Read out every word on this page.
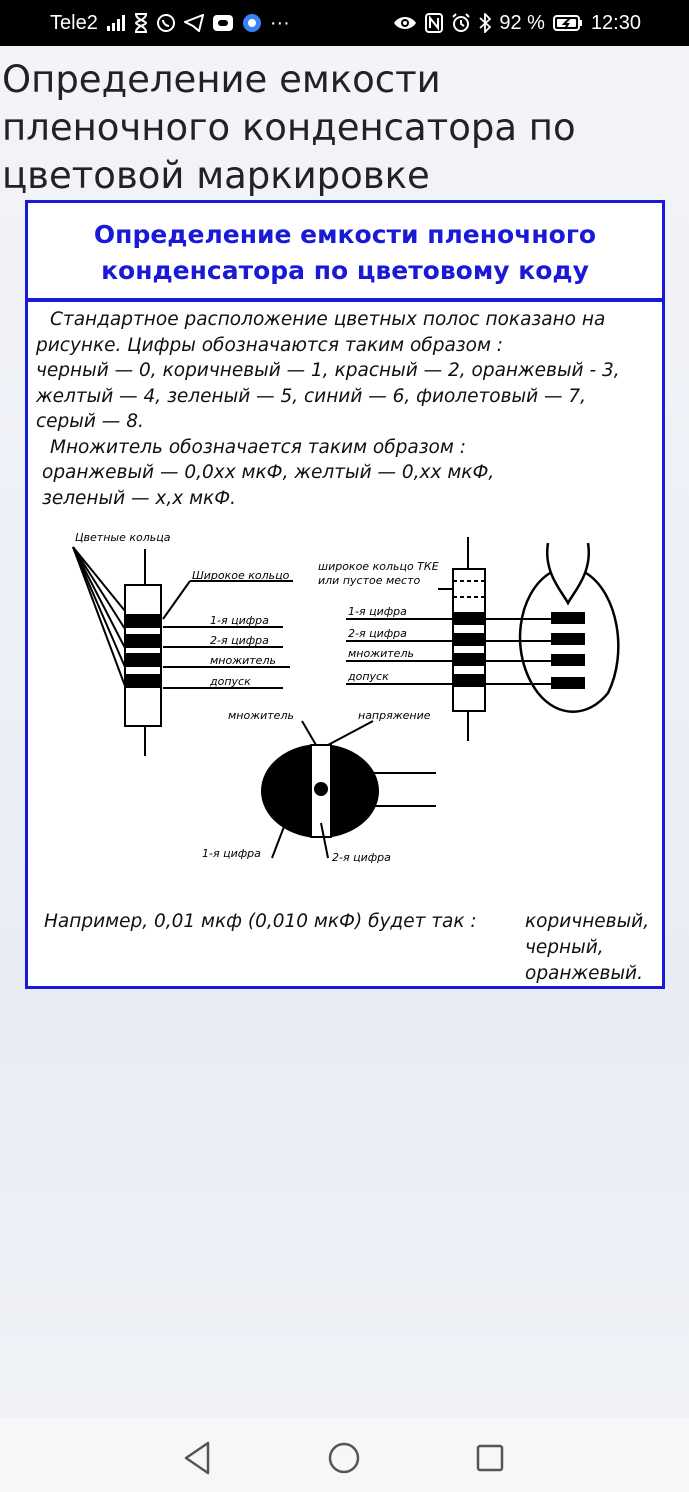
Tele2	···	92 % 12:30
Определение емкости
пленочного конденсатора по
цветовой маркировке
Определение емкости пленочного
конденсатора по цветовому коду
Стандартное расположение цветных полос показано на
рисунке. Цифры обозначаются таким образом :
черный — 0, коричневый — 1, красный — 2, оранжевый - 3,
желтый — 4, зеленый — 5, синий — 6, фиолетовый — 7,
серый — 8.
Множитель обозначается таким образом :
оранжевый — 0,0хх мкФ, желтый — 0,хх мкФ,
зеленый — х,х мкФ.
Цветные кольца
Широкое кольцо
1-я цифра
2-я цифра
множитель
допуск
широкое кольцо ТКЕ
или пустое место
1-я цифра
2-я цифра
множитель
допуск
множитель	напряжение
1-я цифра	2-я цифра
Например, 0,01 мкф (0,010 мкФ) будет так :	коричневый,
черный,
оранжевый.
